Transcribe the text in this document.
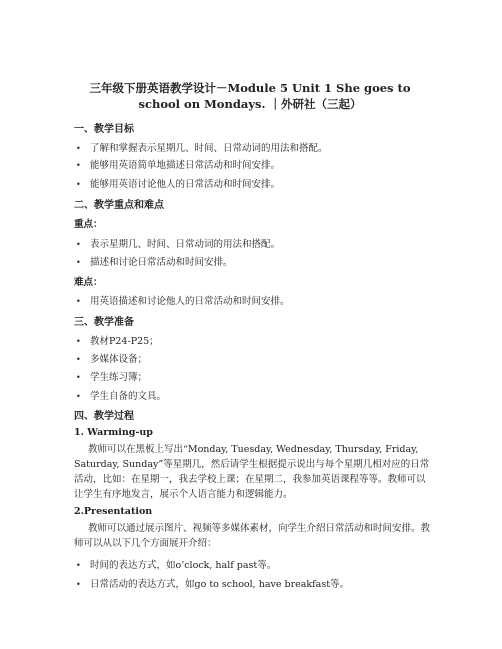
三年级下册英语教学设计－Module 5 Unit 1 She goes to
school on Mondays. ｜外研社（三起）
一、教学目标
• 了解和掌握表示星期几、时间、日常动词的用法和搭配。
• 能够用英语简单地描述日常活动和时间安排。
• 能够用英语讨论他人的日常活动和时间安排。
二、教学重点和难点
重点：
• 表示星期几、时间、日常动词的用法和搭配。
• 描述和讨论日常活动和时间安排。
难点：
• 用英语描述和讨论他人的日常活动和时间安排。
三、教学准备
• 教材P24-P25；
• 多媒体设备；
• 学生练习簿；
• 学生自备的文具。
四、教学过程
1. Warming-up
教师可以在黑板上写出“Monday, Tuesday, Wednesday, Thursday, Friday, Saturday, Sunday”等星期几，然后请学生根据提示说出与每个星期几相对应的日常活动，比如：在星期一，我去学校上课；在星期二，我参加英语课程等等。教师可以让学生有序地发言，展示个人语言能力和逻辑能力。
2.Presentation
教师可以通过展示图片、视频等多媒体素材，向学生介绍日常活动和时间安排。教师可以从以下几个方面展开介绍：
• 时间的表达方式，如o’clock, half past等。
• 日常活动的表达方式，如go to school, have breakfast等。
